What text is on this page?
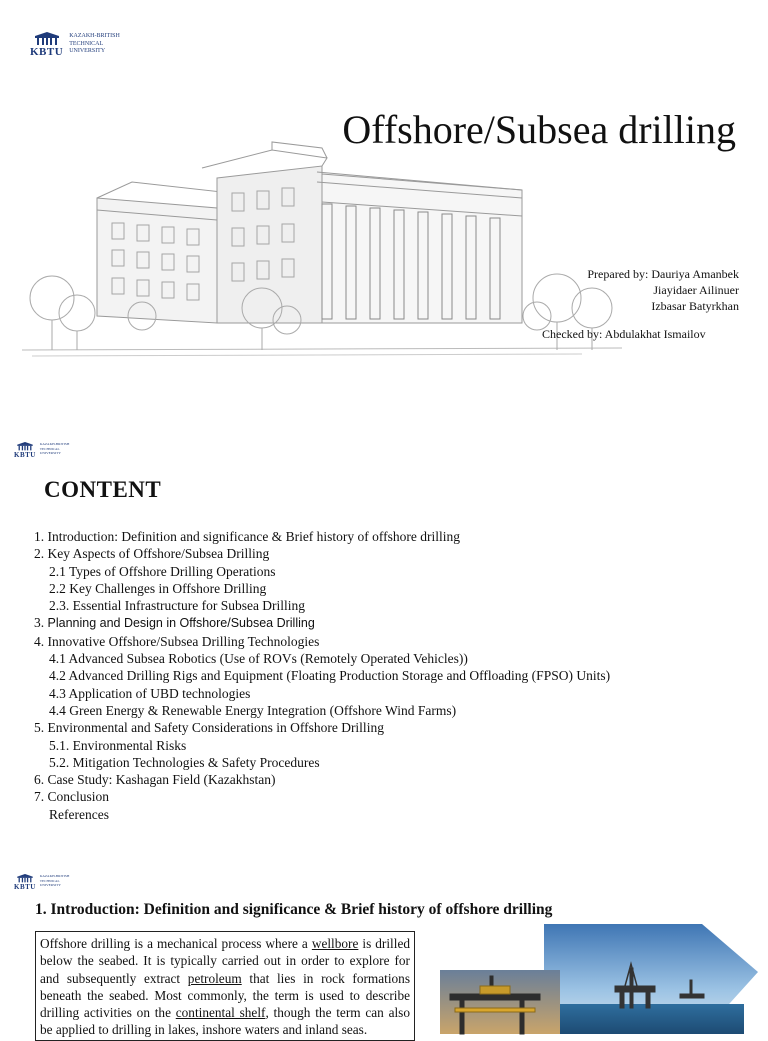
KBTU
KAZAKH-BRITISH
TECHNICAL
UNIVERSITY
Offshore/Subsea drilling
Prepared by: Dauriya Amanbek
Jiayidaer Ailinuer
Izbasar Batyrkhan
Checked by: Abdulakhat Ismailov
KBTU
KAZAKH-BRITISH
TECHNICAL
UNIVERSITY
CONTENT
1. Introduction: Definition and significance & Brief history of offshore drilling
2. Key Aspects of Offshore/Subsea Drilling
2.1 Types of Offshore Drilling Operations
2.2 Key Challenges in Offshore Drilling
2.3. Essential Infrastructure for Subsea Drilling
3. Planning and Design in Offshore/Subsea Drilling
4. Innovative Offshore/Subsea Drilling Technologies
4.1 Advanced Subsea Robotics (Use of ROVs (Remotely Operated Vehicles))
4.2 Advanced Drilling Rigs and Equipment (Floating Production Storage and Offloading (FPSO) Units)
4.3 Application of UBD technologies
4.4 Green Energy & Renewable Energy Integration (Offshore Wind Farms)
5. Environmental and Safety Considerations in Offshore Drilling
5.1. Environmental Risks
5.2. Mitigation Technologies & Safety Procedures
6. Case Study: Kashagan Field (Kazakhstan)
7. Conclusion
References
KBTU
KAZAKH-BRITISH
TECHNICAL
UNIVERSITY
1. Introduction: Definition and significance & Brief history of offshore drilling
Offshore drilling is a mechanical process where a wellbore is drilled below the seabed. It is typically carried out in order to explore for and subsequently extract petroleum that lies in rock formations beneath the seabed. Most commonly, the term is used to describe drilling activities on the continental shelf, though the term can also be applied to drilling in lakes, inshore waters and inland seas.
